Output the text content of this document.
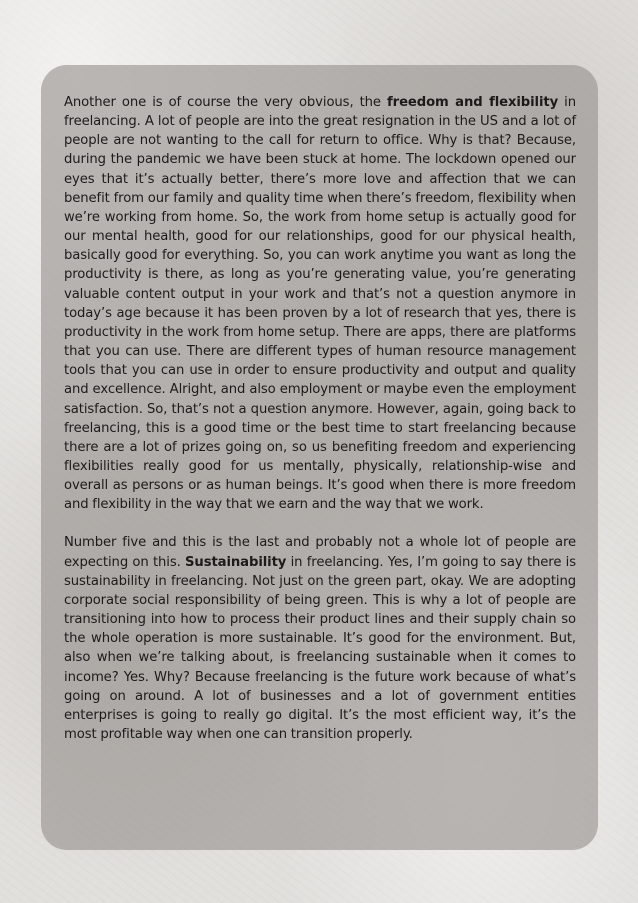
Another one is of course the very obvious, the freedom and flexibility in freelancing. A lot of people are into the great resignation in the US and a lot of people are not wanting to the call for return to office. Why is that? Because, during the pandemic we have been stuck at home. The lockdown opened our eyes that it’s actually better, there’s more love and affection that we can benefit from our family and quality time when there’s freedom, flexibility when we’re working from home. So, the work from home setup is actually good for our mental health, good for our relationships, good for our physical health, basically good for everything. So, you can work anytime you want as long the productivity is there, as long as you’re generating value, you’re generating valuable content output in your work and that’s not a question anymore in today’s age because it has been proven by a lot of research that yes, there is productivity in the work from home setup. There are apps, there are platforms that you can use. There are different types of human resource management tools that you can use in order to ensure productivity and output and quality and excellence. Alright, and also employment or maybe even the employment satisfaction. So, that’s not a question anymore. However, again, going back to freelancing, this is a good time or the best time to start freelancing because there are a lot of prizes going on, so us benefiting freedom and experiencing flexibilities really good for us mentally, physically, relationship-wise and overall as persons or as human beings. It’s good when there is more freedom and flexibility in the way that we earn and the way that we work.

Number five and this is the last and probably not a whole lot of people are expecting on this. Sustainability in freelancing. Yes, I’m going to say there is sustainability in freelancing. Not just on the green part, okay. We are adopting corporate social responsibility of being green. This is why a lot of people are transitioning into how to process their product lines and their supply chain so the whole operation is more sustainable. It’s good for the environment. But, also when we’re talking about, is freelancing sustainable when it comes to income? Yes. Why? Because freelancing is the future work because of what’s going on around. A lot of businesses and a lot of government entities enterprises is going to really go digital. It’s the most efficient way, it’s the most profitable way when one can transition properly.
